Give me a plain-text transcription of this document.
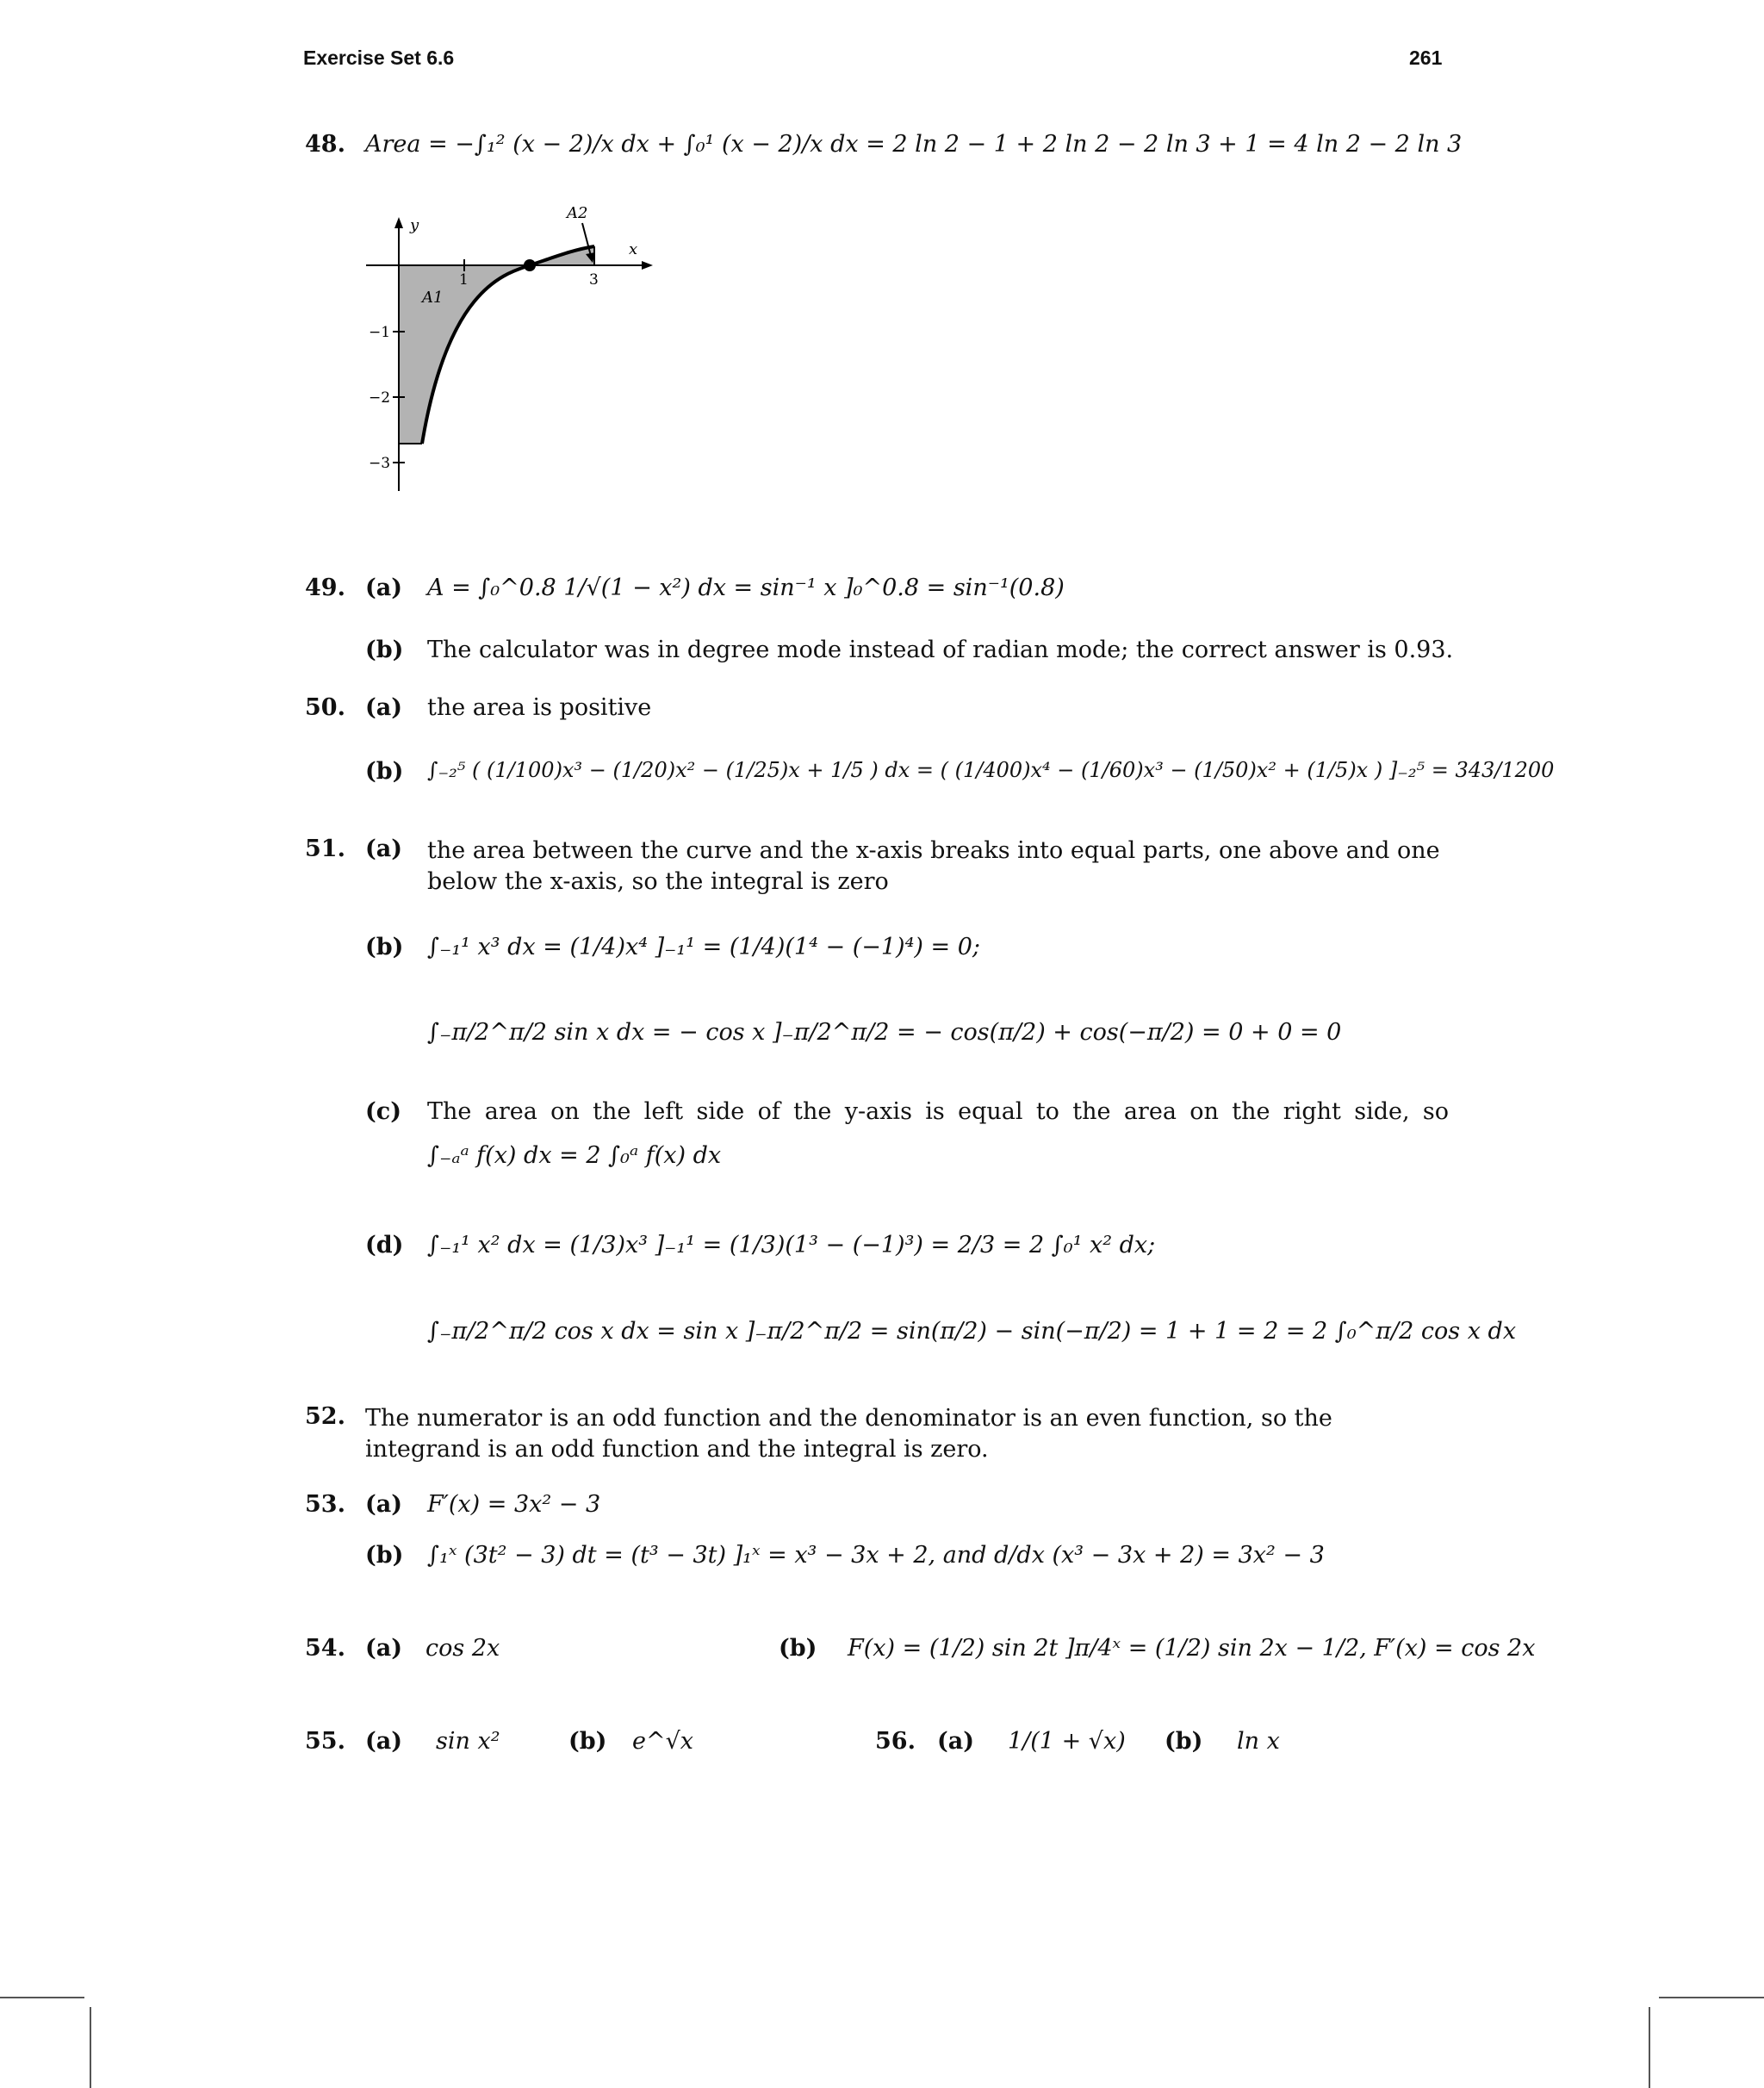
Exercise Set 6.6	261
48. Area = −∫₁² (x − 2)/x dx + ∫₀¹ (x − 2)/x dx = 2 ln 2 − 1 + 2 ln 2 − 2 ln 3 + 1 = 4 ln 2 − 2 ln 3
y
x
A1
A2
1	3
−1
−2
−3
49. (a) A = ∫₀^0.8 1/√(1 − x²) dx = sin⁻¹ x ]₀^0.8 = sin⁻¹(0.8)
(b) The calculator was in degree mode instead of radian mode; the correct answer is 0.93.
50. (a) the area is positive
(b) ∫₋₂⁵ ( (1/100)x³ − (1/20)x² − (1/25)x + 1/5 ) dx = ( (1/400)x⁴ − (1/60)x³ − (1/50)x² + (1/5)x ) ]₋₂⁵ = 343/1200
51. (a) the area between the curve and the x-axis breaks into equal parts, one above and one below the x-axis, so the integral is zero
(b) ∫₋₁¹ x³ dx = (1/4)x⁴ ]₋₁¹ = (1/4)(1⁴ − (−1)⁴) = 0;
∫₋π/2^π/2 sin x dx = − cos x ]₋π/2^π/2 = − cos(π/2) + cos(−π/2) = 0 + 0 = 0
(c) The area on the left side of the y-axis is equal to the area on the right side, so
∫₋ₐᵃ f(x) dx = 2 ∫₀ᵃ f(x) dx
(d) ∫₋₁¹ x² dx = (1/3)x³ ]₋₁¹ = (1/3)(1³ − (−1)³) = 2/3 = 2 ∫₀¹ x² dx;
∫₋π/2^π/2 cos x dx = sin x ]₋π/2^π/2 = sin(π/2) − sin(−π/2) = 1 + 1 = 2 = 2 ∫₀^π/2 cos x dx
52. The numerator is an odd function and the denominator is an even function, so the integrand is an odd function and the integral is zero.
53. (a) F′(x) = 3x² − 3
(b) ∫₁ˣ (3t² − 3) dt = (t³ − 3t) ]₁ˣ = x³ − 3x + 2, and d/dx (x³ − 3x + 2) = 3x² − 3
54. (a) cos 2x	(b) F(x) = (1/2) sin 2t ]π/4ˣ = (1/2) sin 2x − 1/2, F′(x) = cos 2x
55. (a) sin x²	(b) e^√x	56. (a) 1/(1 + √x) (b) ln x
